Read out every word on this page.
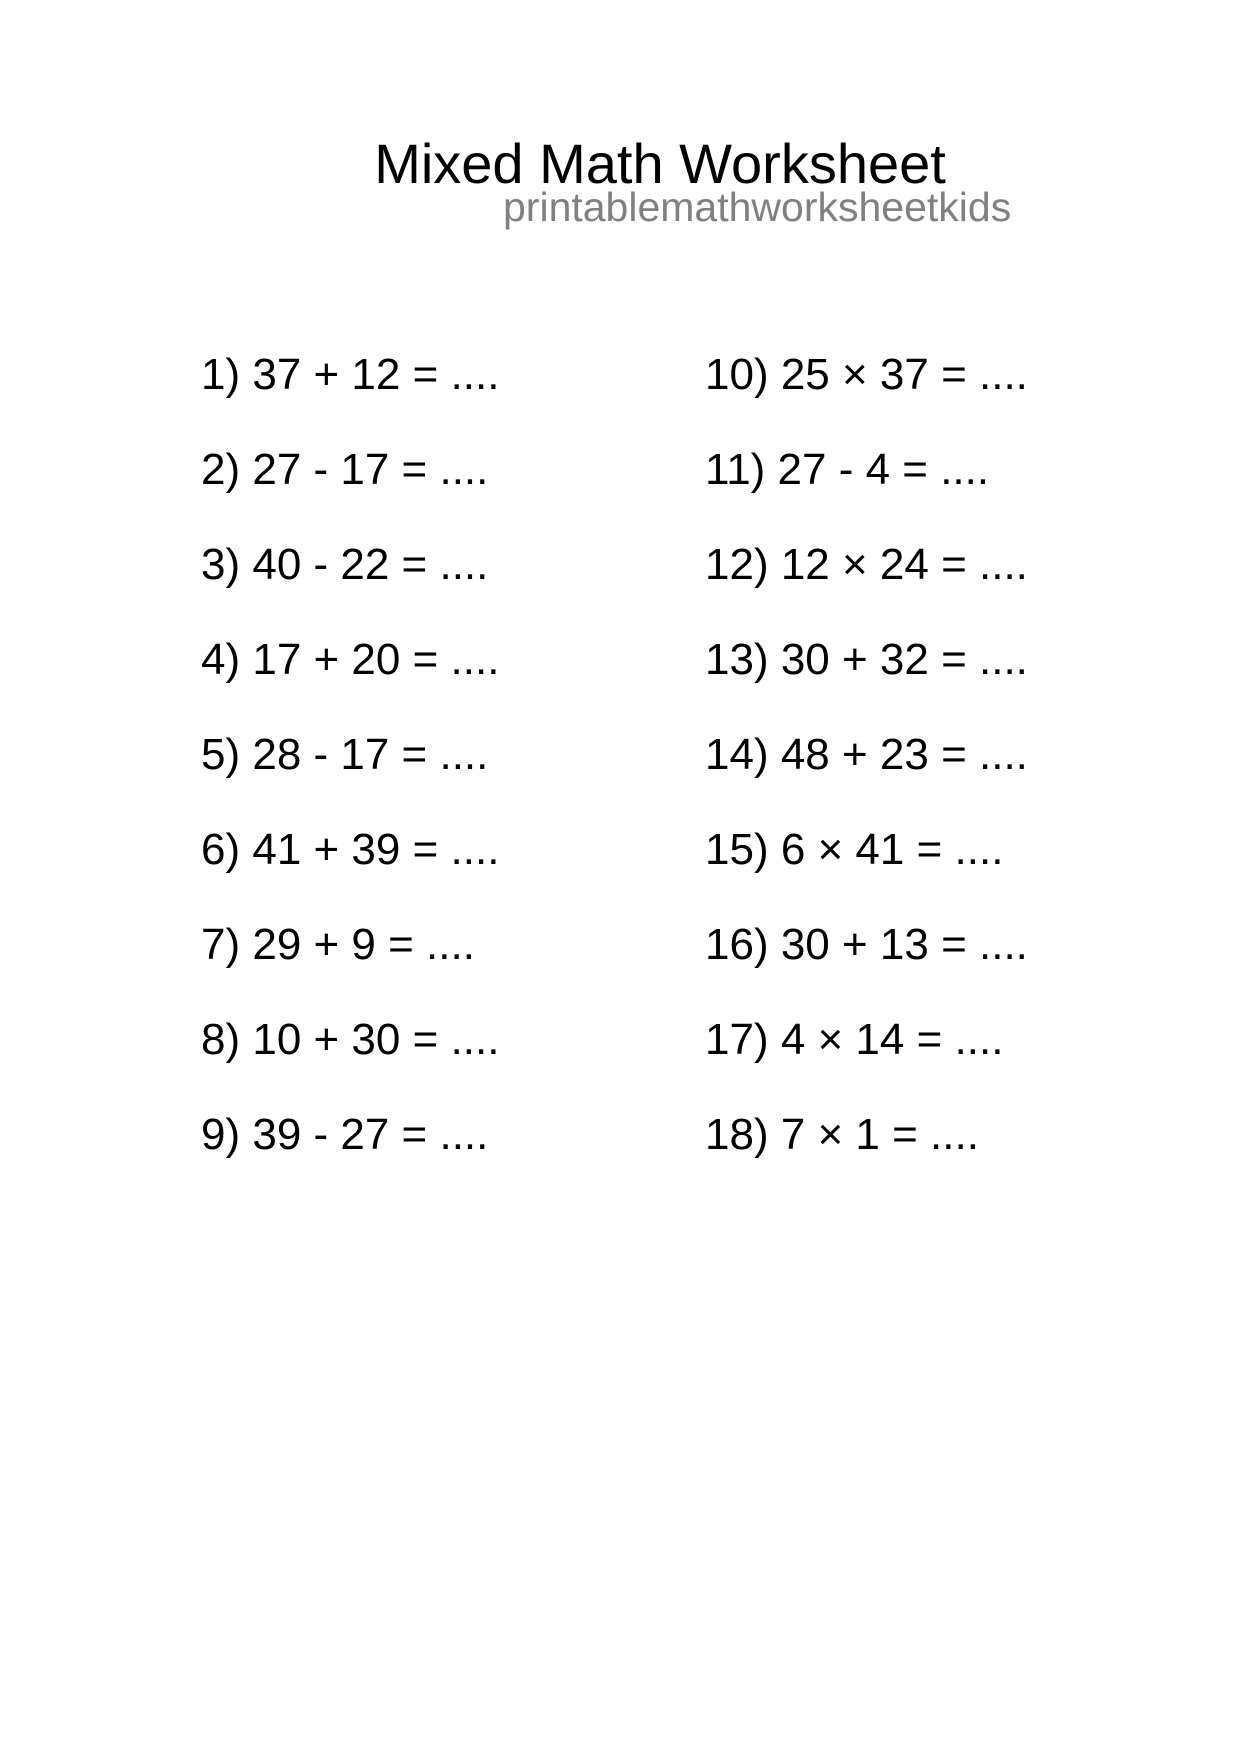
Mixed Math Worksheet
printablemathworksheetkids
1) 37 + 12 = ....
2) 27 - 17 = ....
3) 40 - 22 = ....
4) 17 + 20 = ....
5) 28 - 17 = ....
6) 41 + 39 = ....
7) 29 + 9 = ....
8) 10 + 30 = ....
9) 39 - 27 = ....
10) 25 × 37 = ....
11) 27 - 4 = ....
12) 12 × 24 = ....
13) 30 + 32 = ....
14) 48 + 23 = ....
15) 6 × 41 = ....
16) 30 + 13 = ....
17) 4 × 14 = ....
18) 7 × 1 = ....
